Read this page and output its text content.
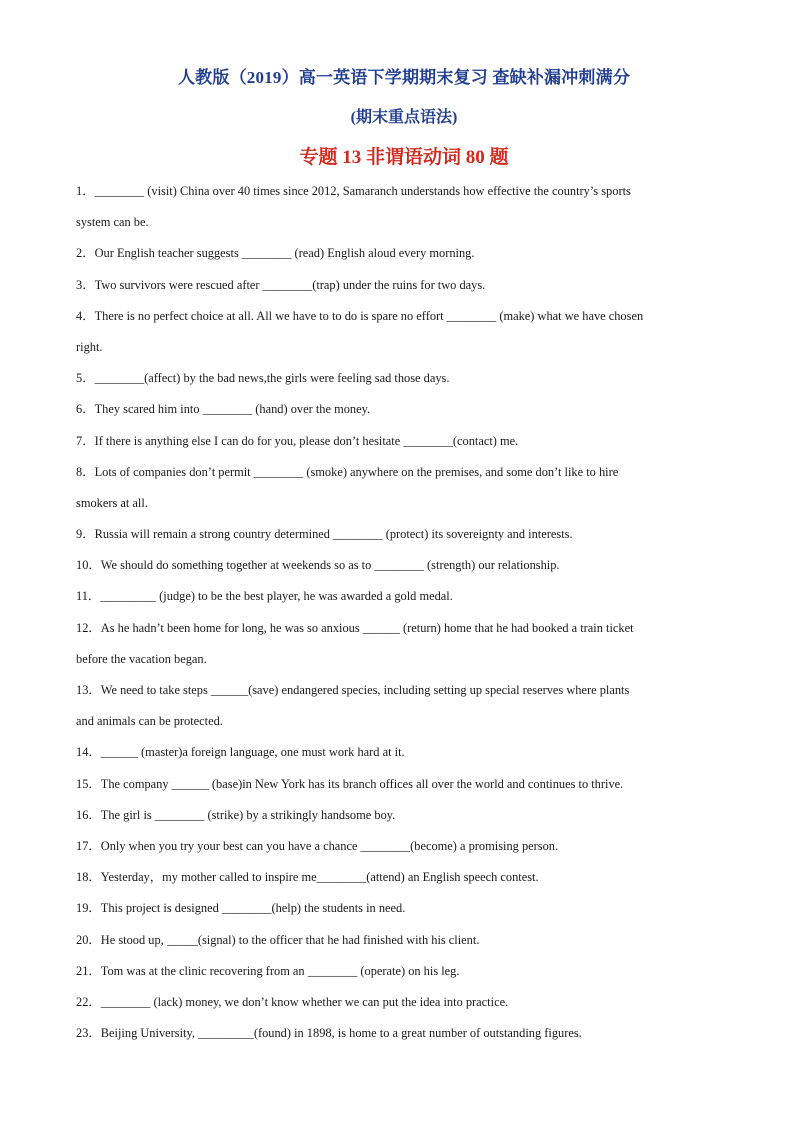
人教版（2019）高一英语下学期期末复习 查缺补漏冲刺满分
(期末重点语法)
专题 13 非谓语动词 80 题
1．________ (visit) China over 40 times since 2012, Samaranch understands how effective the country’s sports
system can be.
2．Our English teacher suggests ________ (read) English aloud every morning.
3．Two survivors were rescued after ________(trap) under the ruins for two days.
4．There is no perfect choice at all. All we have to to do is spare no effort ________ (make) what we have chosen
right.
5．________(affect) by the bad news,the girls were feeling sad those days.
6．They scared him into ________ (hand) over the money.
7．If there is anything else I can do for you, please don’t hesitate ________(contact) me.
8．Lots of companies don’t permit ________ (smoke) anywhere on the premises, and some don’t like to hire
smokers at all.
9．Russia will remain a strong country determined ________ (protect) its sovereignty and interests.
10．We should do something together at weekends so as to ________ (strength) our relationship.
11．_________ (judge) to be the best player, he was awarded a gold medal.
12．As he hadn’t been home for long, he was so anxious ______ (return) home that he had booked a train ticket
before the vacation began.
13．We need to take steps ______(save) endangered species, including setting up special reserves where plants
and animals can be protected.
14．______ (master)a foreign language, one must work hard at it.
15．The company ______ (base)in New York has its branch offices all over the world and continues to thrive.
16．The girl is ________ (strike) by a strikingly handsome boy.
17．Only when you try your best can you have a chance ________(become) a promising person.
18．Yesterday，my mother called to inspire me________(attend) an English speech contest.
19．This project is designed ________(help) the students in need.
20．He stood up, _____(signal) to the officer that he had finished with his client.
21．Tom was at the clinic recovering from an ________ (operate) on his leg.
22．________ (lack) money, we don’t know whether we can put the idea into practice.
23．Beijing University, _________(found) in 1898, is home to a great number of outstanding figures.
